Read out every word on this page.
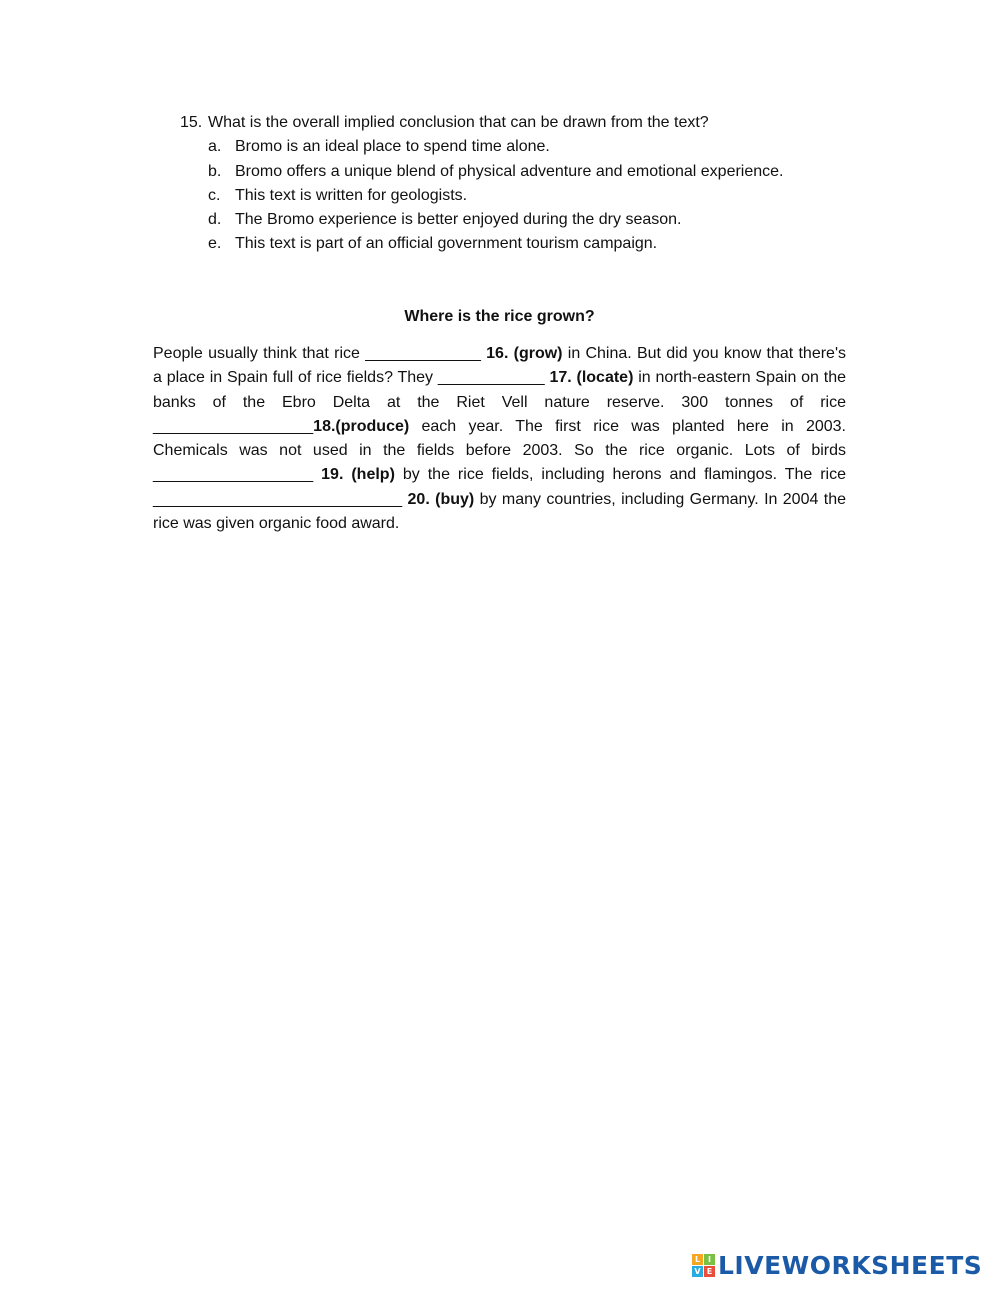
15. What is the overall implied conclusion that can be drawn from the text?
a. Bromo is an ideal place to spend time alone.
b. Bromo offers a unique blend of physical adventure and emotional experience.
c. This text is written for geologists.
d. The Bromo experience is better enjoyed during the dry season.
e. This text is part of an official government tourism campaign.
Where is the rice grown?

People usually think that rice _____________ 16. (grow) in China. But did you know that there's a place in Spain full of rice fields? They ____________ 17. (locate) in north-eastern Spain on the banks of the Ebro Delta at the Riet Vell nature reserve. 300 tonnes of rice __________________18.(produce) each year. The first rice was planted here in 2003. Chemicals was not used in the fields before 2003. So the rice organic. Lots of birds __________________ 19. (help) by the rice fields, including herons and flamingos. The rice ____________________________ 20. (buy) by many countries, including Germany. In 2004 the rice was given organic food award.

L I
V E LIVEWORKSHEETS
